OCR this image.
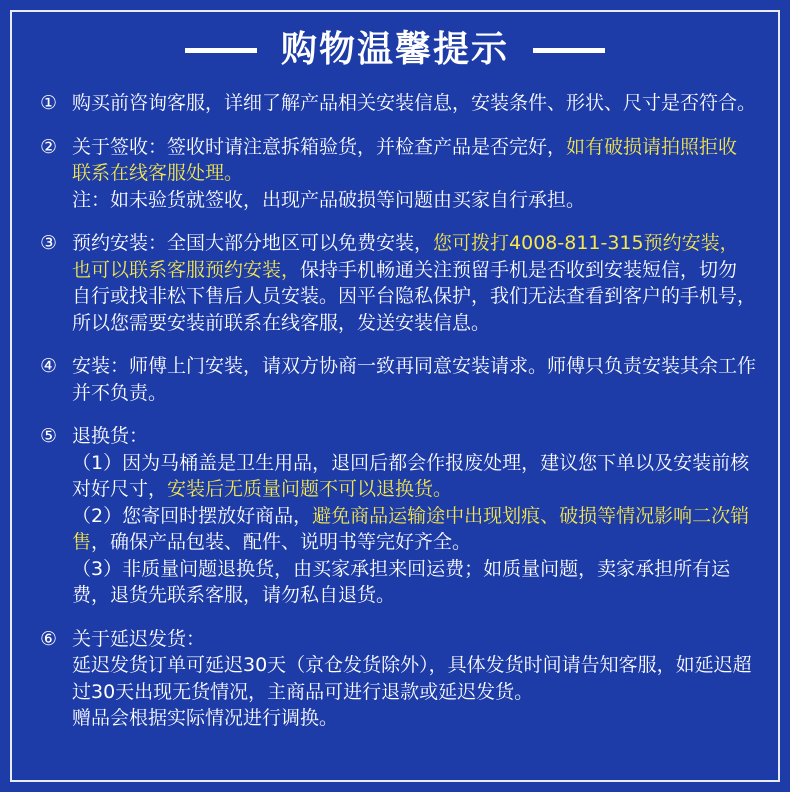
购物温馨提示
① 购买前咨询客服，详细了解产品相关安装信息，安装条件、形状、尺寸是否符合。
② 关于签收：签收时请注意拆箱验货，并检查产品是否完好，如有破损请拍照拒收联系在线客服处理。
注：如未验货就签收，出现产品破损等问题由买家自行承担。
③ 预约安装：全国大部分地区可以免费安装，您可拨打4008-811-315预约安装，也可以联系客服预约安装，保持手机畅通关注预留手机是否收到安装短信，切勿自行或找非松下售后人员安装。因平台隐私保护，我们无法查看到客户的手机号，所以您需要安装前联系在线客服，发送安装信息。
④ 安装：师傅上门安装，请双方协商一致再同意安装请求。师傅只负责安装其余工作并不负责。
⑤ 退换货：
（1）因为马桶盖是卫生用品，退回后都会作报废处理，建议您下单以及安装前核对好尺寸，安装后无质量问题不可以退换货。
（2）您寄回时摆放好商品，避免商品运输途中出现划痕、破损等情况影响二次销售，确保产品包装、配件、说明书等完好齐全。
（3）非质量问题退换货，由买家承担来回运费；如质量问题，卖家承担所有运费，退货先联系客服，请勿私自退货。
⑥ 关于延迟发货：
延迟发货订单可延迟30天（京仓发货除外），具体发货时间请告知客服，如延迟超过30天出现无货情况，主商品可进行退款或延迟发货。
赠品会根据实际情况进行调换。
